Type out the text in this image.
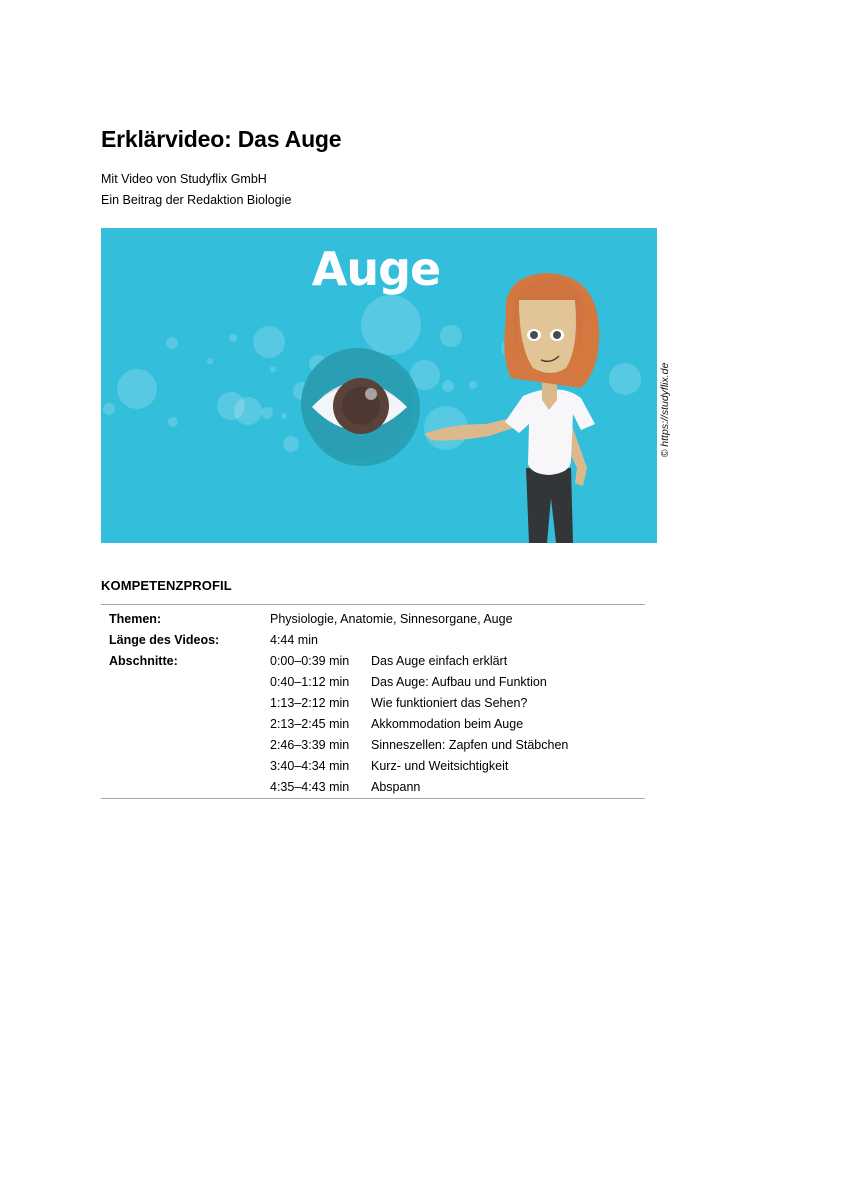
Erklärvideo: Das Auge
Mit Video von Studyflix GmbH
Ein Beitrag der Redaktion Biologie
Auge
© https://studyflix.de
KOMPETENZPROFIL
Themen:	Physiologie, Anatomie, Sinnesorgane, Auge
Länge des Videos:	4:44 min
Abschnitte:	0:00–0:39 min	Das Auge einfach erklärt
0:40–1:12 min	Das Auge: Aufbau und Funktion
1:13–2:12 min	Wie funktioniert das Sehen?
2:13–2:45 min	Akkommodation beim Auge
2:46–3:39 min	Sinneszellen: Zapfen und Stäbchen
3:40–4:34 min	Kurz- und Weitsichtigkeit
4:35–4:43 min	Abspann
